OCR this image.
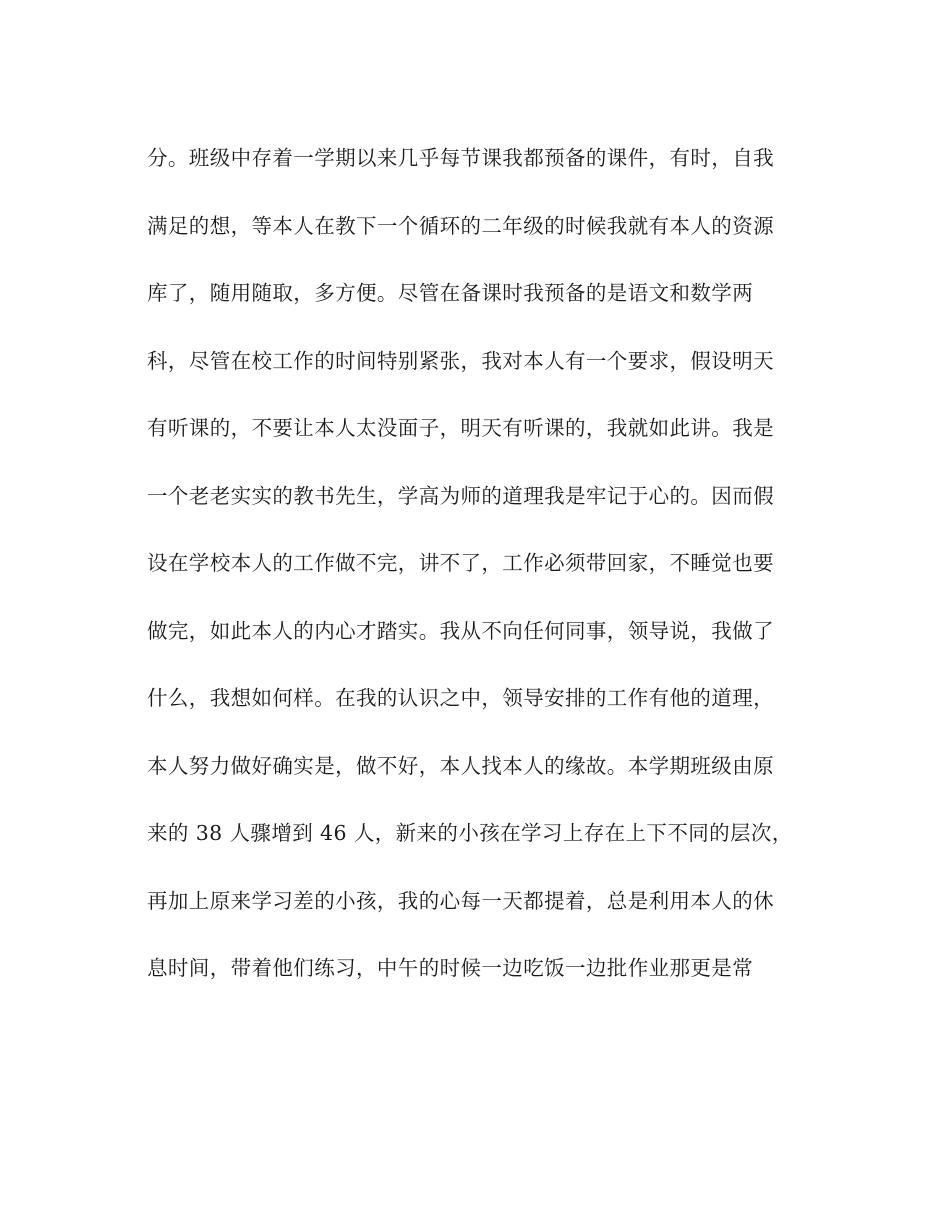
分。班级中存着一学期以来几乎每节课我都预备的课件，有时，自我
满足的想，等本人在教下一个循环的二年级的时候我就有本人的资源
库了，随用随取，多方便。尽管在备课时我预备的是语文和数学两
科，尽管在校工作的时间特别紧张，我对本人有一个要求，假设明天
有听课的，不要让本人太没面子，明天有听课的，我就如此讲。我是
一个老老实实的教书先生，学高为师的道理我是牢记于心的。因而假
设在学校本人的工作做不完，讲不了，工作必须带回家，不睡觉也要
做完，如此本人的内心才踏实。我从不向任何同事，领导说，我做了
什么，我想如何样。在我的认识之中，领导安排的工作有他的道理，
本人努力做好确实是，做不好，本人找本人的缘故。本学期班级由原
来的 38 人骤增到 46 人，新来的小孩在学习上存在上下不同的层次，
再加上原来学习差的小孩，我的心每一天都提着，总是利用本人的休
息时间，带着他们练习，中午的时候一边吃饭一边批作业那更是常
